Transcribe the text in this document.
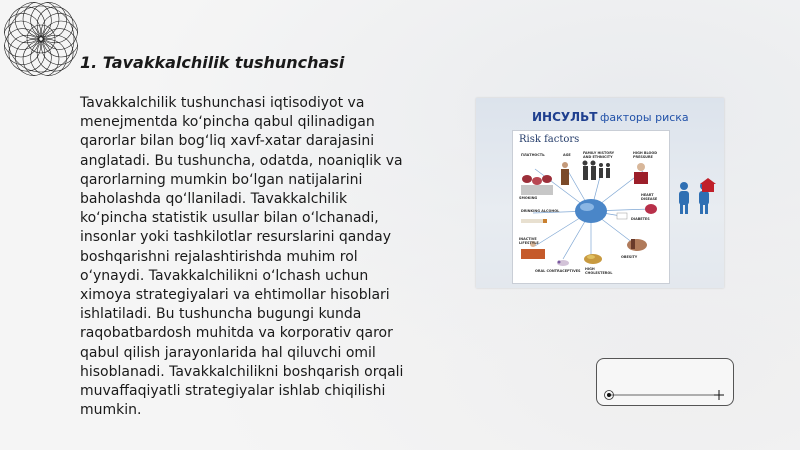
1. Tavakkalchilik tushunchasi

Tavakkalchilik tushunchasi iqtisodiyot va menejmentda ko‘pincha qabul qilinadigan qarorlar bilan bog‘liq xavf-xatar darajasini anglatadi. Bu tushuncha, odatda, noaniqlik va qarorlarning mumkin bo‘lgan natijalarini baholashda qo‘llaniladi. Tavakkalchilik ko‘pincha statistik usullar bilan o‘lchanadi, insonlar yoki tashkilotlar resurslarini qanday boshqarishni rejalashtirishda muhim rol o‘ynaydi. Tavakkalchilikni o‘lchash uchun ximoya strategiyalari va ehtimollar hisoblari ishlatiladi. Bu tushuncha bugungi kunda raqobatbardosh muhitda va korporativ qaror qabul qilish jarayonlarida hal qiluvchi omil hisoblanadi. Tavakkalchilikni boshqarish orqali muvaffaqiyatli strategiyalar ishlab chiqilishi mumkin.

ИНСУЛЬТ факторы риска
Risk factors
ПЛАТНОСТЬ	AGE	FAMILY HISTORY AND ETHNICITY
HIGH BLOOD PRESSURE
SMOKING
HEART DISEASE
DIABETES
OBESITY
HIGH CHOLESTEROL
INACTIVE LIFESTYLE
ORAL CONTRACEPTIVES
DRINKING ALCOHOL
